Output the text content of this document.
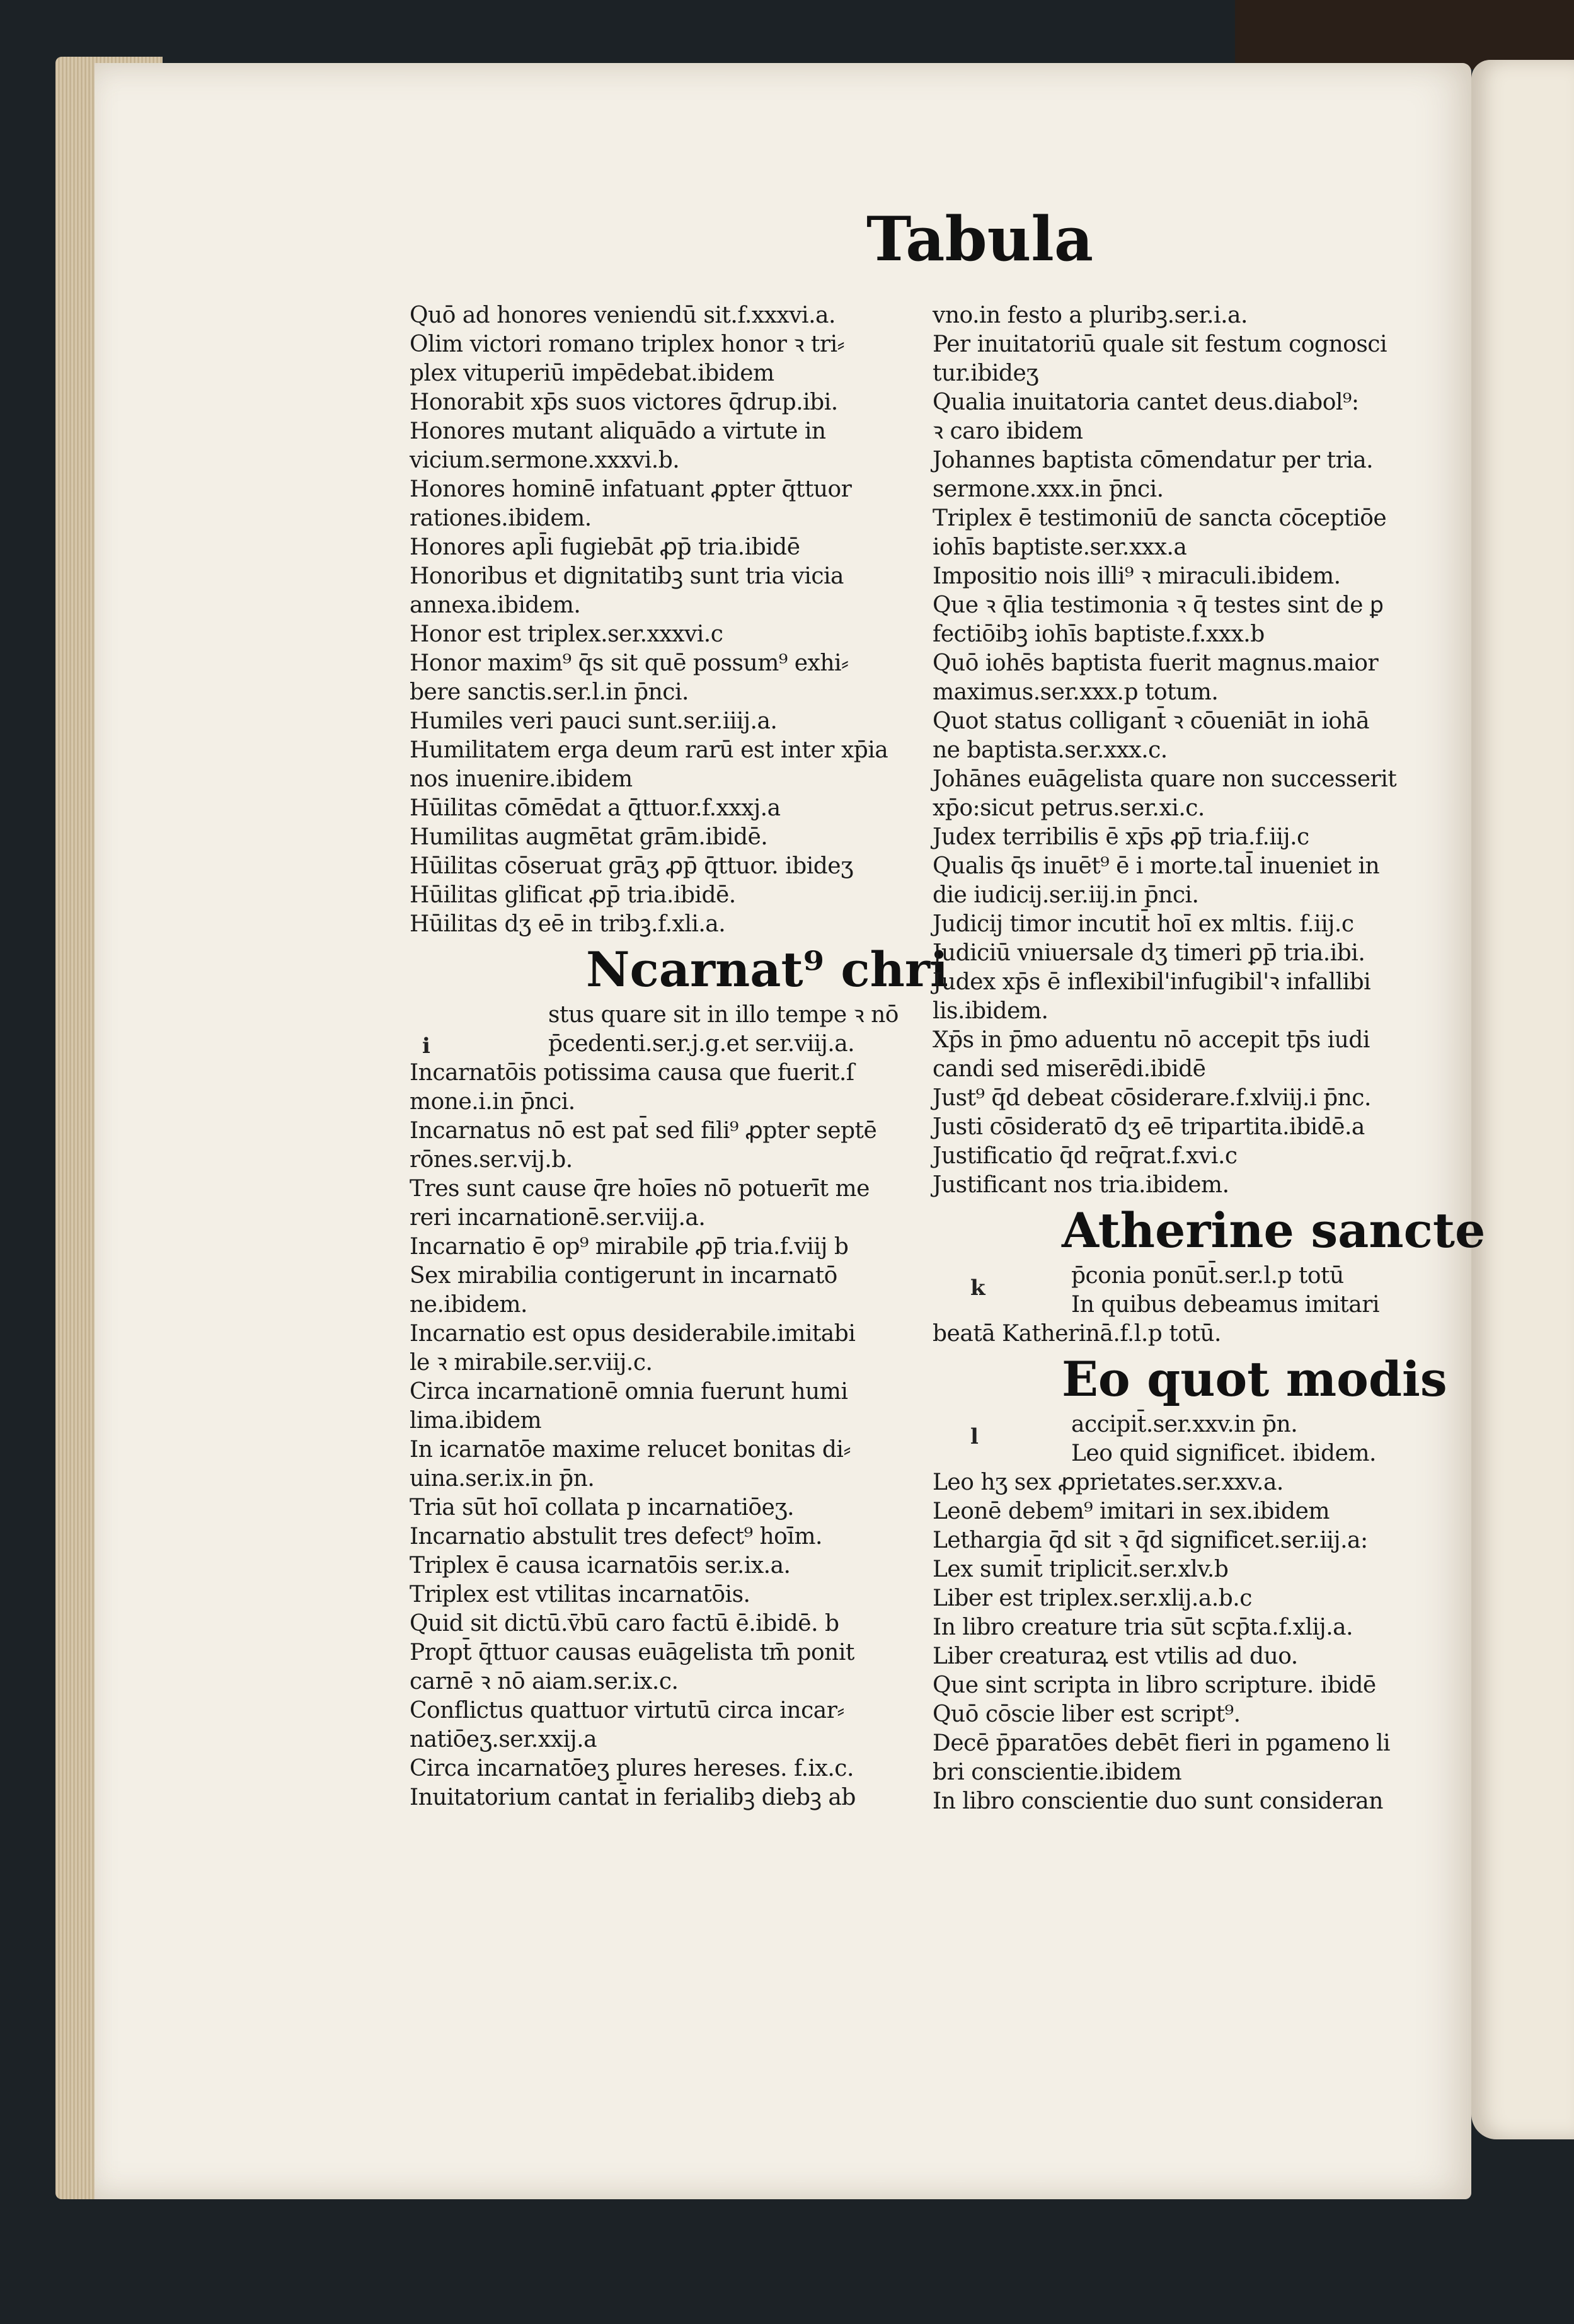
Tabula
Quō ad honores veniendū sit.f.xxxvi.a.
Olim victori romano triplex honor ꝛ tri⸗
plex vituperiū impēdebat.ibidem
Honorabit xp̄s suos victores q̄drup.ibi.
Honores mutant aliquādo a virtute in
vicium.sermone.xxxvi.b.
Honores hominē infatuant ꝓpter q̄ttuor
rationes.ibidem.
Honores apl̄i fugiebāt ꝓp̄ tria.ibidē
Honoribus et dignitatibꝫ sunt tria vicia
annexa.ibidem.
Honor est triplex.ser.xxxvi.c
Honor maxim⁹ q̄s sit quē possum⁹ exhi⸗
bere sanctis.ser.l.in p̄nci.
Humiles veri pauci sunt.ser.iiij.a.
Humilitatem erga deum rarū est inter xp̄ia
nos inuenire.ibidem
Hūilitas cōmēdat a q̄ttuor.f.xxxj.a
Humilitas augmētat grām.ibidē.
Hūilitas cōseruat grāʒ ꝓp̄ q̄ttuor. ibideʒ
Hūilitas glificat ꝓp̄ tria.ibidē.
Hūilitas dʒ eē in tribꝫ.f.xli.a.
i
Ncarnat⁹ chri
stus quare sit in illo tempe ꝛ nō
p̄cedenti.ser.j.g.et ser.viij.a.
Incarnatōis potissima causa que fuerit.ſ
mone.i.in p̄nci.
Incarnatus nō est pat̄ sed fili⁹ ꝓpter septē
rōnes.ser.vij.b.
Tres sunt cause q̄re hoīes nō potuerīt me
reri incarnationē.ser.viij.a.
Incarnatio ē op⁹ mirabile ꝓp̄ tria.f.viij b
Sex mirabilia contigerunt in incarnatō
ne.ibidem.
Incarnatio est opus desiderabile.imitabi
le ꝛ mirabile.ser.viij.c.
Circa incarnationē omnia fuerunt humi
lima.ibidem
In icarnatōe maxime relucet bonitas di⸗
uina.ser.ix.in p̄n.
Tria sūt hoī collata p incarnatiōeʒ.
Incarnatio abstulit tres defect⁹ hoīm.
Triplex ē causa icarnatōis ser.ix.a.
Triplex est vtilitas incarnatōis.
Quid sit dictū.v̄bū caro factū ē.ibidē. b
Propt̄ q̄ttuor causas euāgelista tm̄ ponit
carnē ꝛ nō aiam.ser.ix.c.
Conflictus quattuor virtutū circa incar⸗
natiōeʒ.ser.xxij.a
Circa incarnatōeʒ plures hereses. f.ix.c.
Inuitatorium cantat̄ in ferialibꝫ diebꝫ ab
vno.in festo a pluribꝫ.ser.i.a.
Per inuitatoriū quale sit festum cognosci
tur.ibideʒ
Qualia inuitatoria cantet deus.diabol⁹:
ꝛ caro ibidem
Johannes baptista cōmendatur per tria.
sermone.xxx.in p̄nci.
Triplex ē testimoniū de sancta cōceptiōe
iohīs baptiste.ser.xxx.a
Impositio nois illi⁹ ꝛ miraculi.ibidem.
Que ꝛ q̄lia testimonia ꝛ q̄ testes sint de ꝑ
fectiōibꝫ iohīs baptiste.f.xxx.b
Quō iohēs baptista fuerit magnus.maior
maximus.ser.xxx.p totum.
Quot status colligant̄ ꝛ cōueniāt in iohā
ne baptista.ser.xxx.c.
Johānes euāgelista quare non successerit
xp̄o:sicut petrus.ser.xi.c.
Judex terribilis ē xp̄s ꝓp̄ tria.f.iij.c
Qualis q̄s inuēt⁹ ē i morte.tal̄ inueniet in
die iudicij.ser.iij.in p̄nci.
Judicij timor incutit̄ hoī ex mltis. f.iij.c
Judiciū vniuersale dʒ timeri ꝑp̄ tria.ibi.
Judex xp̄s ē inflexibil'infugibil'ꝛ infallibi
lis.ibidem.
Xp̄s in p̄mo aduentu nō accepit tp̄s iudi
candi sed miserēdi.ibidē
Just⁹ q̄d debeat cōsiderare.f.xlviij.i p̄nc.
Justi cōsideratō dʒ eē tripartita.ibidē.a
Justificatio q̄d req̄rat.f.xvi.c
Justificant nos tria.ibidem.
k
Atherine sancte
p̄conia ponūt̄.ser.l.p totū
In quibus debeamus imitari
beatā Katherinā.f.l.p totū.
l
Eo quot modis
accipit̄.ser.xxv.in p̄n.
Leo quid significet. ibidem.
Leo hʒ sex ꝓprietates.ser.xxv.a.
Leonē debem⁹ imitari in sex.ibidem
Lethargia q̄d sit ꝛ q̄d significet.ser.iij.a:
Lex sumit̄ triplicit̄.ser.xlv.b
Liber est triplex.ser.xlij.a.b.c
In libro creature tria sūt scp̄ta.f.xlij.a.
Liber creaturaꝝ est vtilis ad duo.
Que sint scripta in libro scripture. ibidē
Quō cōscie liber est script⁹.
Decē p̄paratōes debēt fieri in pgameno li
bri conscientie.ibidem
In libro conscientie duo sunt consideran
